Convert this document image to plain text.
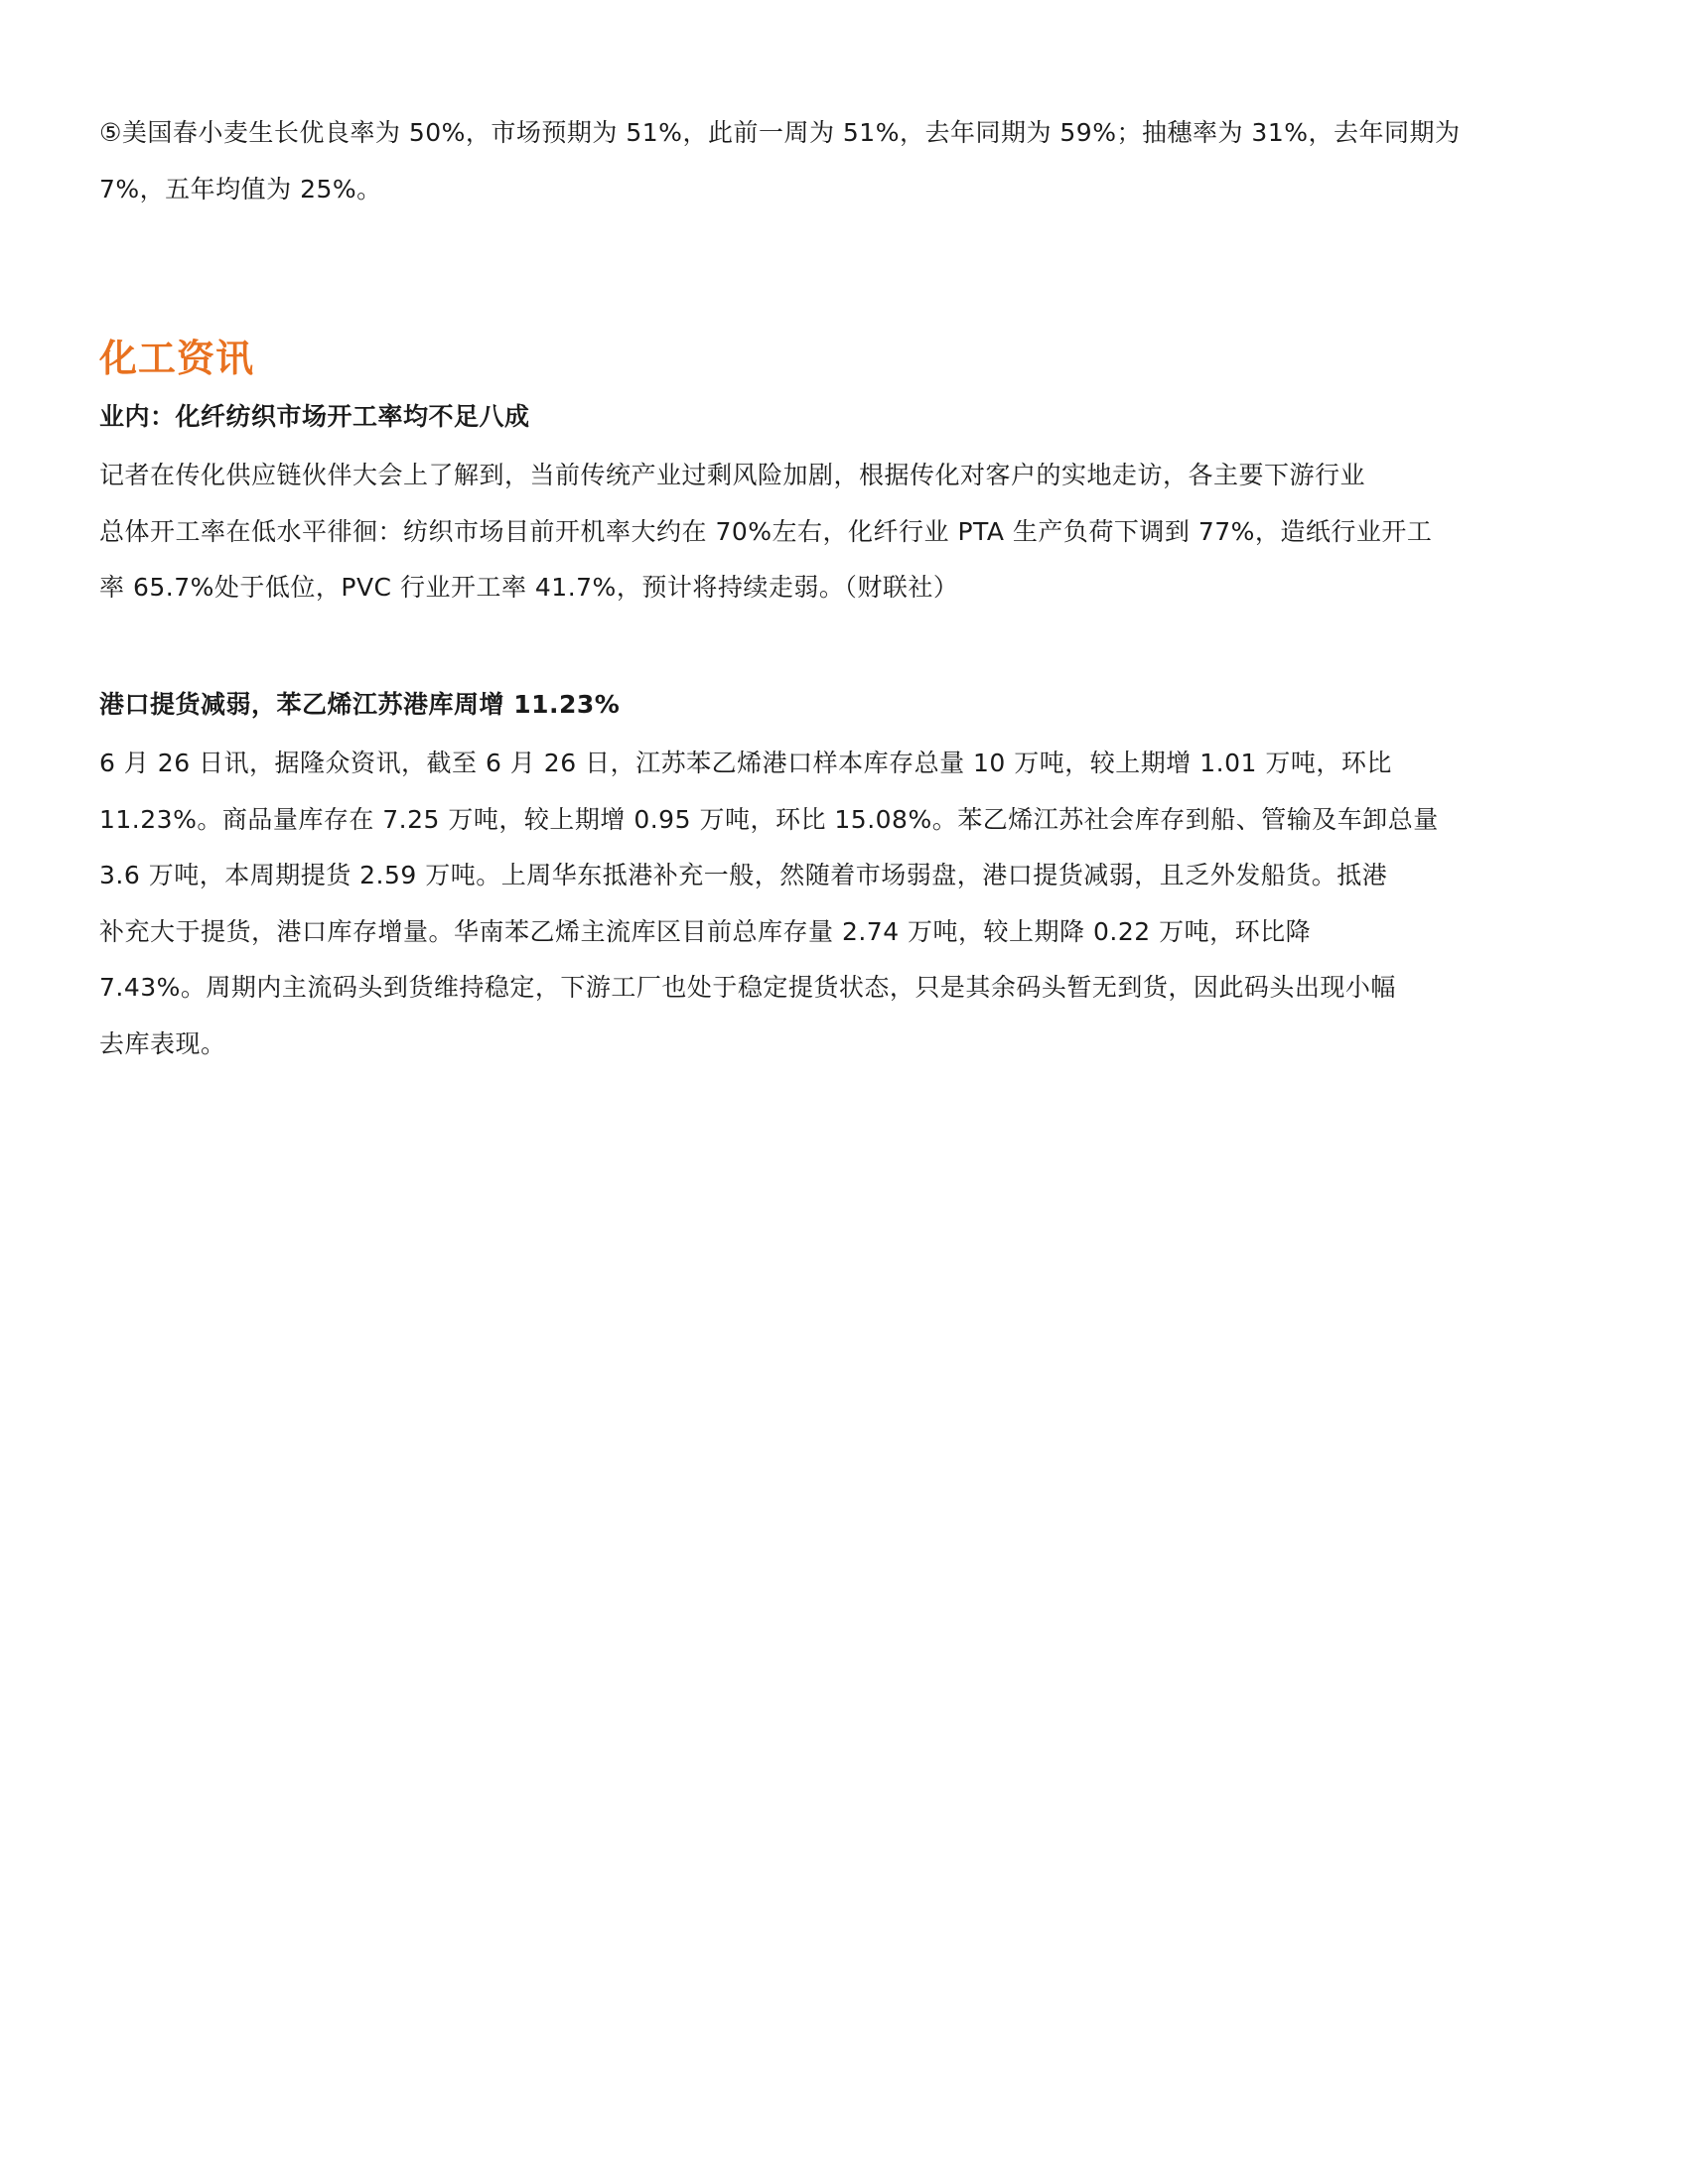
⑤美国春小麦生长优良率为 50%，市场预期为 51%，此前一周为 51%，去年同期为 59%；抽穗率为 31%，去年同期为
7%，五年均值为 25%。

化工资讯
业内：化纤纺织市场开工率均不足八成

记者在传化供应链伙伴大会上了解到，当前传统产业过剩风险加剧，根据传化对客户的实地走访，各主要下游行业
总体开工率在低水平徘徊：纺织市场目前开机率大约在 70%左右，化纤行业 PTA 生产负荷下调到 77%，造纸行业开工
率 65.7%处于低位，PVC 行业开工率 41.7%，预计将持续走弱。（财联社）

港口提货减弱，苯乙烯江苏港库周增 11.23%

6 月 26 日讯，据隆众资讯，截至 6 月 26 日，江苏苯乙烯港口样本库存总量 10 万吨，较上期增 1.01 万吨，环比
11.23%。商品量库存在 7.25 万吨，较上期增 0.95 万吨，环比 15.08%。苯乙烯江苏社会库存到船、管输及车卸总量
3.6 万吨，本周期提货 2.59 万吨。上周华东抵港补充一般，然随着市场弱盘，港口提货减弱，且乏外发船货。抵港
补充大于提货，港口库存增量。华南苯乙烯主流库区目前总库存量 2.74 万吨，较上期降 0.22 万吨，环比降
7.43%。周期内主流码头到货维持稳定，下游工厂也处于稳定提货状态，只是其余码头暂无到货，因此码头出现小幅
去库表现。
